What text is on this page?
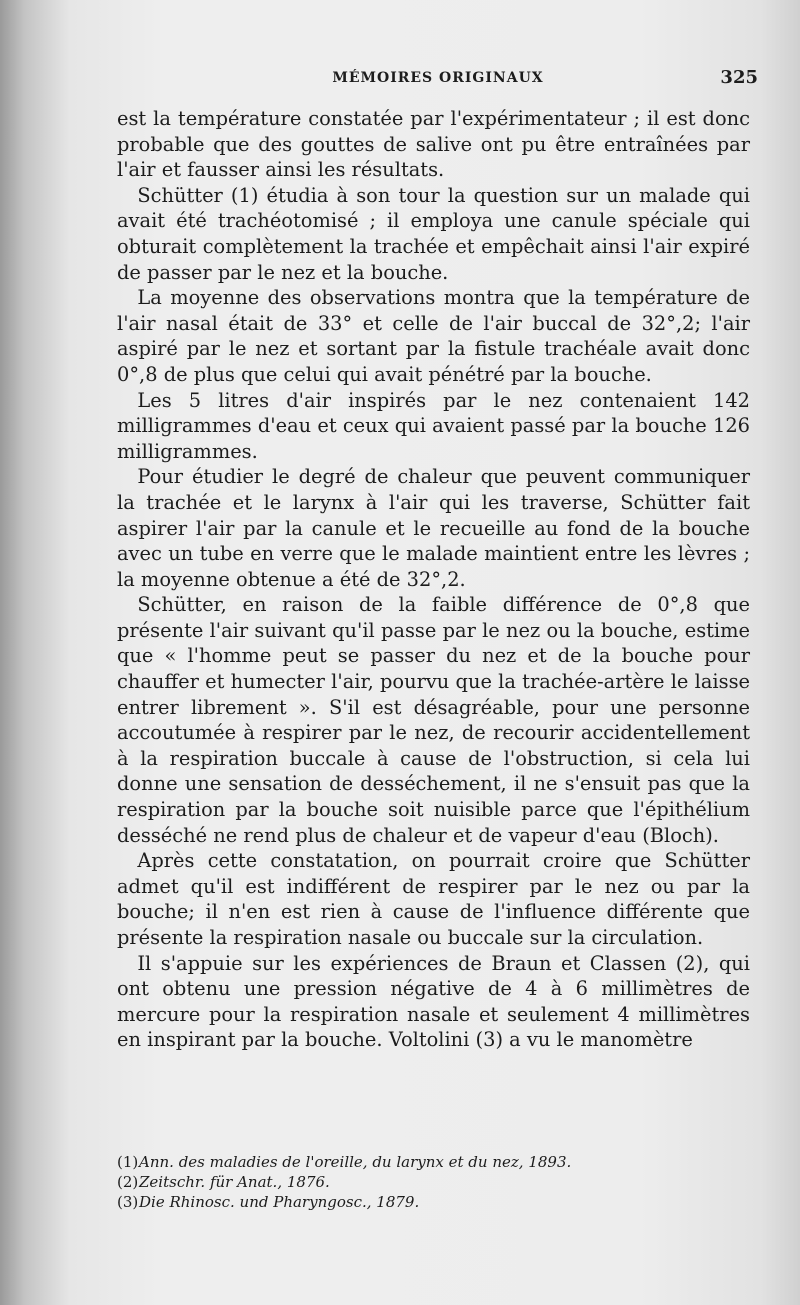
MÉMOIRES ORIGINAUX	325

est la température constatée par l'expérimentateur ; il est donc probable que des gouttes de salive ont pu être entraînées par l'air et fausser ainsi les résultats.

Schütter (1) étudia à son tour la question sur un malade qui avait été trachéotomisé ; il employa une canule spéciale qui obturait complètement la trachée et empêchait ainsi l'air expiré de passer par le nez et la bouche.

La moyenne des observations montra que la température de l'air nasal était de 33° et celle de l'air buccal de 32°,2; l'air aspiré par le nez et sortant par la fistule trachéale avait donc 0°,8 de plus que celui qui avait pénétré par la bouche.

Les 5 litres d'air inspirés par le nez contenaient 142 milligrammes d'eau et ceux qui avaient passé par la bouche 126 milligrammes.

Pour étudier le degré de chaleur que peuvent communiquer la trachée et le larynx à l'air qui les traverse, Schütter fait aspirer l'air par la canule et le recueille au fond de la bouche avec un tube en verre que le malade maintient entre les lèvres ; la moyenne obtenue a été de 32°,2.

Schütter, en raison de la faible différence de 0°,8 que présente l'air suivant qu'il passe par le nez ou la bouche, estime que « l'homme peut se passer du nez et de la bouche pour chauffer et humecter l'air, pourvu que la trachée-artère le laisse entrer librement ». S'il est désagréable, pour une personne accoutumée à respirer par le nez, de recourir accidentellement à la respiration buccale à cause de l'obstruction, si cela lui donne une sensation de desséchement, il ne s'ensuit pas que la respiration par la bouche soit nuisible parce que l'épithélium desséché ne rend plus de chaleur et de vapeur d'eau (Bloch).

Après cette constatation, on pourrait croire que Schütter admet qu'il est indifférent de respirer par le nez ou par la bouche; il n'en est rien à cause de l'influence différente que présente la respiration nasale ou buccale sur la circulation.

Il s'appuie sur les expériences de Braun et Classen (2), qui ont obtenu une pression négative de 4 à 6 millimètres de mercure pour la respiration nasale et seulement 4 millimètres en inspirant par la bouche. Voltolini (3) a vu le manomètre

(1)Ann. des maladies de l'oreille, du larynx et du nez, 1893.
(2)Zeitschr. für Anat., 1876.
(3)Die Rhinosc. und Pharyngosc., 1879.
